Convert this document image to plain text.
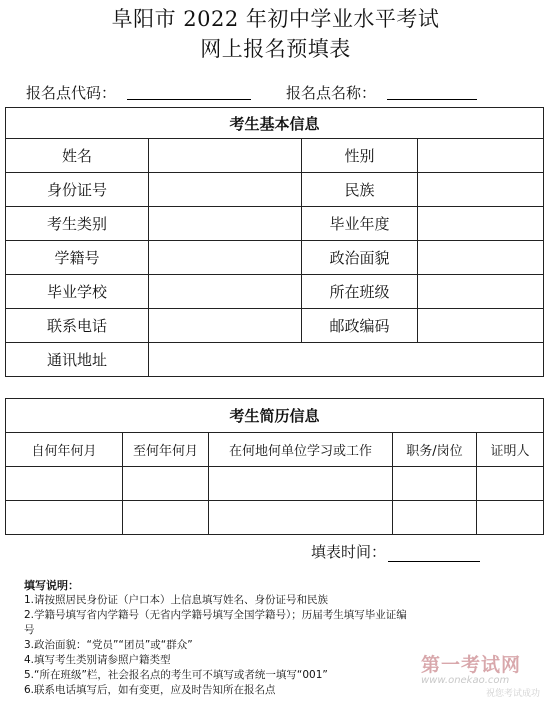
阜阳市 2022 年初中学业水平考试
网上报名预填表
报名点代码：	报名点名称：
考生基本信息			
姓名		性别	
身份证号		民族	
考生类别		毕业年度	
学籍号		政治面貌	
毕业学校		所在班级	
联系电话		邮政编码	
通讯地址			
考生简历信息				
自何年何月	至何年何月	在何地何单位学习或工作	职务/岗位	证明人

填表时间：
填写说明：
1.请按照居民身份证（户口本）上信息填写姓名、身份证号和民族
2.学籍号填写省内学籍号（无省内学籍号填写全国学籍号）；历届考生填写毕业证编
号
3.政治面貌：“党员”“团员”或“群众”
4.填写考生类别请参照户籍类型
5.“所在班级”栏，社会报名点的考生可不填写或者统一填写“001”
6.联系电话填写后，如有变更，应及时告知所在报名点
第一考试网
www.onekao.com
祝您考试成功
